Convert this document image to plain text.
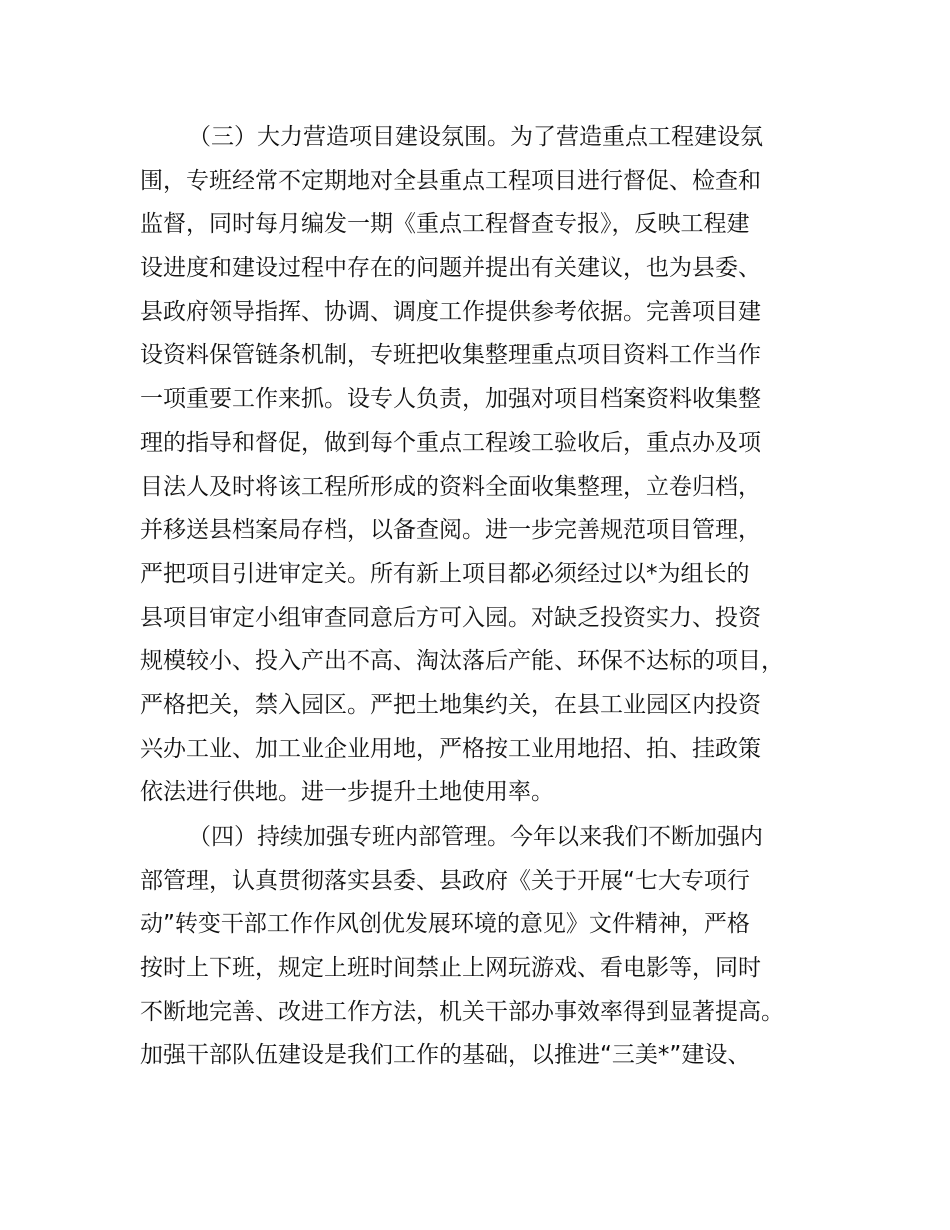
（三）大力营造项目建设氛围。为了营造重点工程建设氛
围，专班经常不定期地对全县重点工程项目进行督促、检查和
监督，同时每月编发一期《重点工程督查专报》，反映工程建
设进度和建设过程中存在的问题并提出有关建议，也为县委、
县政府领导指挥、协调、调度工作提供参考依据。完善项目建
设资料保管链条机制，专班把收集整理重点项目资料工作当作
一项重要工作来抓。设专人负责，加强对项目档案资料收集整
理的指导和督促，做到每个重点工程竣工验收后，重点办及项
目法人及时将该工程所形成的资料全面收集整理，立卷归档，
并移送县档案局存档，以备查阅。进一步完善规范项目管理，
严把项目引进审定关。所有新上项目都必须经过以*为组长的
县项目审定小组审查同意后方可入园。对缺乏投资实力、投资
规模较小、投入产出不高、淘汰落后产能、环保不达标的项目，
严格把关，禁入园区。严把土地集约关，在县工业园区内投资
兴办工业、加工业企业用地，严格按工业用地招、拍、挂政策
依法进行供地。进一步提升土地使用率。
（四）持续加强专班内部管理。今年以来我们不断加强内
部管理，认真贯彻落实县委、县政府《关于开展“七大专项行
动”转变干部工作作风创优发展环境的意见》文件精神，严格
按时上下班，规定上班时间禁止上网玩游戏、看电影等，同时
不断地完善、改进工作方法，机关干部办事效率得到显著提高。
加强干部队伍建设是我们工作的基础，以推进“三美*”建设、
